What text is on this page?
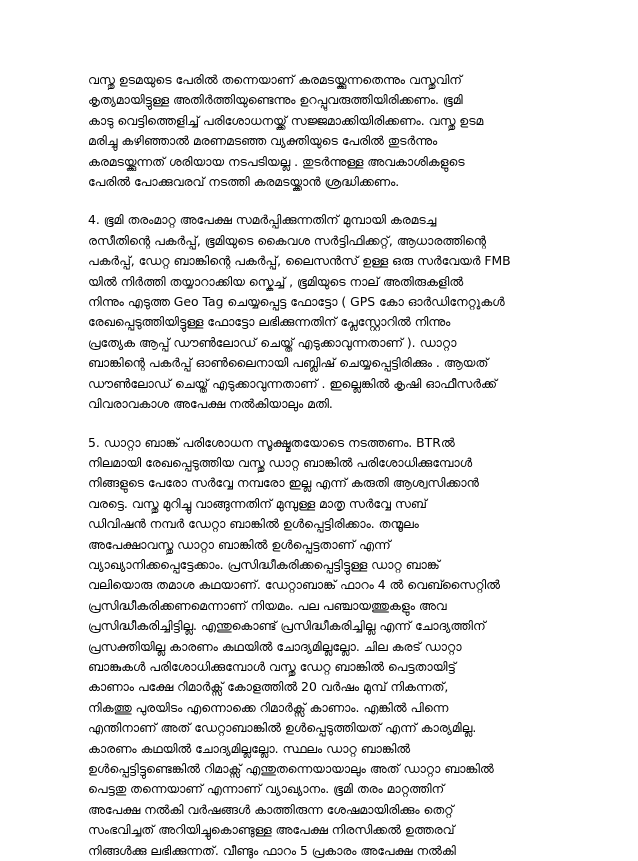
വസ്തു ഉടമയുടെ പേരിൽ തന്നെയാണ് കരമടയ്ക്കുന്നതെന്നും വസ്തുവിന്
കൃത്യമായിട്ടുള്ള അതിർത്തിയുണ്ടെന്നും ഉറപ്പുവരുത്തിയിരിക്കണം. ഭൂമി
കാടു വെട്ടിത്തെളിച്ച് പരിശോധനയ്ക്ക് സജ്ജമാക്കിയിരിക്കണം. വസ്തു ഉടമ
മരിച്ചു കഴിഞ്ഞാൽ മരണമടഞ്ഞ വ്യക്തിയുടെ പേരിൽ തുടർന്നും
കരമടയ്ക്കുന്നത് ശരിയായ നടപടിയല്ല . തുടർന്നുള്ള അവകാശികളുടെ
പേരിൽ പോക്കുവരവ് നടത്തി കരമടയ്ക്കാൻ ശ്രദ്ധിക്കണം.
4. ഭൂമി തരംമാറ്റ അപേക്ഷ സമർപ്പിക്കുന്നതിന് മുമ്പായി കരമടച്ച
രസീതിന്റെ പകർപ്പ്, ഭൂമിയുടെ കൈവശ സർട്ടിഫിക്കറ്റ്, ആധാരത്തിന്റെ
പകർപ്പ്, ഡേറ്റ ബാങ്കിന്റെ പകർപ്പ്, ലൈസൻസ് ഉള്ള ഒരു സർവേയർ FMB
യിൽ നിർത്തി തയ്യാറാക്കിയ സ്കെച്ച് , ഭൂമിയുടെ നാല് അതിരുകളിൽ
നിന്നും എടുത്ത Geo Tag ചെയ്യപ്പെട്ട ഫോട്ടോ ( GPS കോ ഓർഡിനേറ്റുകൾ
രേഖപ്പെടുത്തിയിട്ടുള്ള ഫോട്ടോ ലഭിക്കുന്നതിന് പ്ലേസ്റ്റോറിൽ നിന്നും
പ്രത്യേക ആപ്പ് ഡൗൺലോഡ് ചെയ്ത് എടുക്കാവുന്നതാണ് ). ഡാറ്റാ
ബാങ്കിന്റെ പകർപ്പ് ഓൺലൈനായി പബ്ലിഷ് ചെയ്യപ്പെട്ടിരിക്കും . ആയത്
ഡൗൺലോഡ് ചെയ്ത് എടുക്കാവുന്നതാണ് . ഇല്ലെങ്കിൽ കൃഷി ഓഫീസർക്ക്
വിവരാവകാശ അപേക്ഷ നൽകിയാലും മതി.
5. ഡാറ്റാ ബാങ്ക് പരിശോധന സൂക്ഷ്മതയോടെ നടത്തണം. BTRൽ
നിലമായി രേഖപ്പെടുത്തിയ വസ്തു ഡാറ്റ ബാങ്കിൽ പരിശോധിക്കുമ്പോൾ
നിങ്ങളുടെ പേരോ സർവ്വേ നമ്പരോ ഇല്ല എന്ന് കരുതി ആശ്വസിക്കാൻ
വരട്ടെ. വസ്തു മുറിച്ചു വാങ്ങുന്നതിന് മുമ്പുള്ള മാതൃ സർവ്വേ സബ്
ഡിവിഷൻ നമ്പർ ഡേറ്റാ ബാങ്കിൽ ഉൾപ്പെട്ടിരിക്കാം. തന്മൂലം
അപേക്ഷാവസ്തു ഡാറ്റാ ബാങ്കിൽ ഉൾപ്പെട്ടതാണ് എന്ന്
വ്യാഖ്യാനിക്കപ്പെട്ടേക്കാം. പ്രസിദ്ധീകരിക്കപ്പെട്ടിട്ടുള്ള ഡാറ്റ ബാങ്ക്
വലിയൊരു തമാശ കഥയാണ്. ഡേറ്റാബാങ്ക് ഫാറം 4 ൽ വെബ്സൈറ്റിൽ
പ്രസിദ്ധീകരിക്കണമെന്നാണ് നിയമം. പല പഞ്ചായത്തുകളും അവ
പ്രസിദ്ധീകരിച്ചിട്ടില്ല. എന്തുകൊണ്ട് പ്രസിദ്ധീകരിച്ചില്ല എന്ന് ചോദ്യത്തിന്
പ്രസക്തിയില്ല കാരണം കഥയിൽ ചോദ്യമില്ലല്ലോ. ചില കരട് ഡാറ്റാ
ബാങ്കുകൾ പരിശോധിക്കുമ്പോൾ വസ്തു ഡേറ്റ ബാങ്കിൽ പെട്ടതായിട്ട്
കാണാം പക്ഷേ റിമാർക്സ് കോളത്തിൽ 20 വർഷം മുമ്പ് നികന്നത്,
നികത്തു പുരയിടം എന്നൊക്കെ റിമാർക്സ് കാണാം. എങ്കിൽ പിന്നെ
എന്തിനാണ് അത് ഡേറ്റാബാങ്കിൽ ഉൾപ്പെടുത്തിയത് എന്ന് കാര്യമില്ല.
കാരണം കഥയിൽ ചോദ്യമില്ലല്ലോ. സ്ഥലം ഡാറ്റ ബാങ്കിൽ
ഉൾപ്പെട്ടിട്ടുണ്ടെങ്കിൽ റിമാക്സ് എന്തുതന്നെയായാലും അത് ഡാറ്റാ ബാങ്കിൽ
പെട്ടതു തന്നെയാണ് എന്നാണ് വ്യാഖ്യാനം. ഭൂമി തരം മാറ്റത്തിന്
അപേക്ഷ നൽകി വർഷങ്ങൾ കാത്തിരുന്ന ശേഷമായിരിക്കും തെറ്റ്
സംഭവിച്ചത് അറിയിച്ചുകൊണ്ടുള്ള അപേക്ഷ നിരസിക്കൽ ഉത്തരവ്
നിങ്ങൾക്കു ലഭിക്കുന്നത്. വീണ്ടും ഫാറം 5 പ്രകാരം അപേക്ഷ നൽകി
